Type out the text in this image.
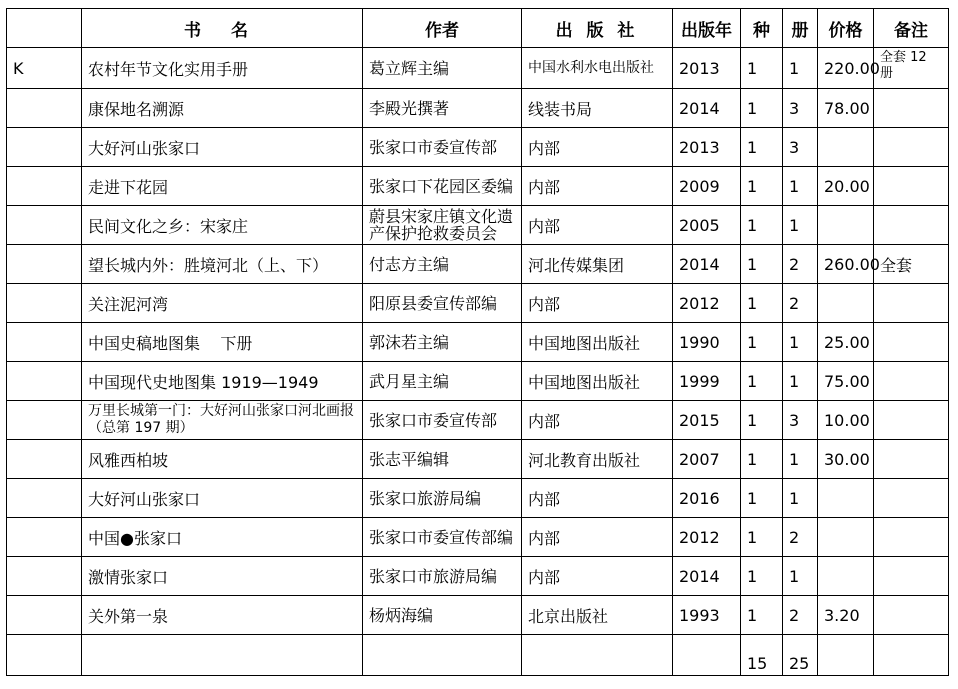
	书 名	作者	出 版 社	出版年	种	册	价格	备注
K	农村年节文化实用手册	葛立辉主编	中国水利水电出版社	2013	1	1	220.00	全套 12 册
	康保地名溯源	李殿光撰著	线装书局	2014	1	3	78.00	
	大好河山张家口	张家口市委宣传部	内部	2013	1	3		
	走进下花园	张家口下花园区委编	内部	2009	1	1	20.00	
	民间文化之乡：宋家庄	蔚县宋家庄镇文化遗产保护抢救委员会	内部	2005	1	1		
	望长城内外：胜境河北（上、下）	付志方主编	河北传媒集团	2014	1	2	260.00	全套
	关注泥河湾	阳原县委宣传部编	内部	2012	1	2		
	中国史稿地图集    下册	郭沫若主编	中国地图出版社	1990	1	1	25.00	
	中国现代史地图集 1919—1949	武月星主编	中国地图出版社	1999	1	1	75.00	
	万里长城第一门：大好河山张家口河北画报 （总第 197 期）	张家口市委宣传部	内部	2015	1	3	10.00	
	风雅西柏坡	张志平编辑	河北教育出版社	2007	1	1	30.00	
	大好河山张家口	张家口旅游局编	内部	2016	1	1		
	中国●张家口	张家口市委宣传部编	内部	2012	1	2		
	激情张家口	张家口市旅游局编	内部	2014	1	1		
	关外第一泉	杨炳海编	北京出版社	1993	1	2	3.20	
					15	25		
